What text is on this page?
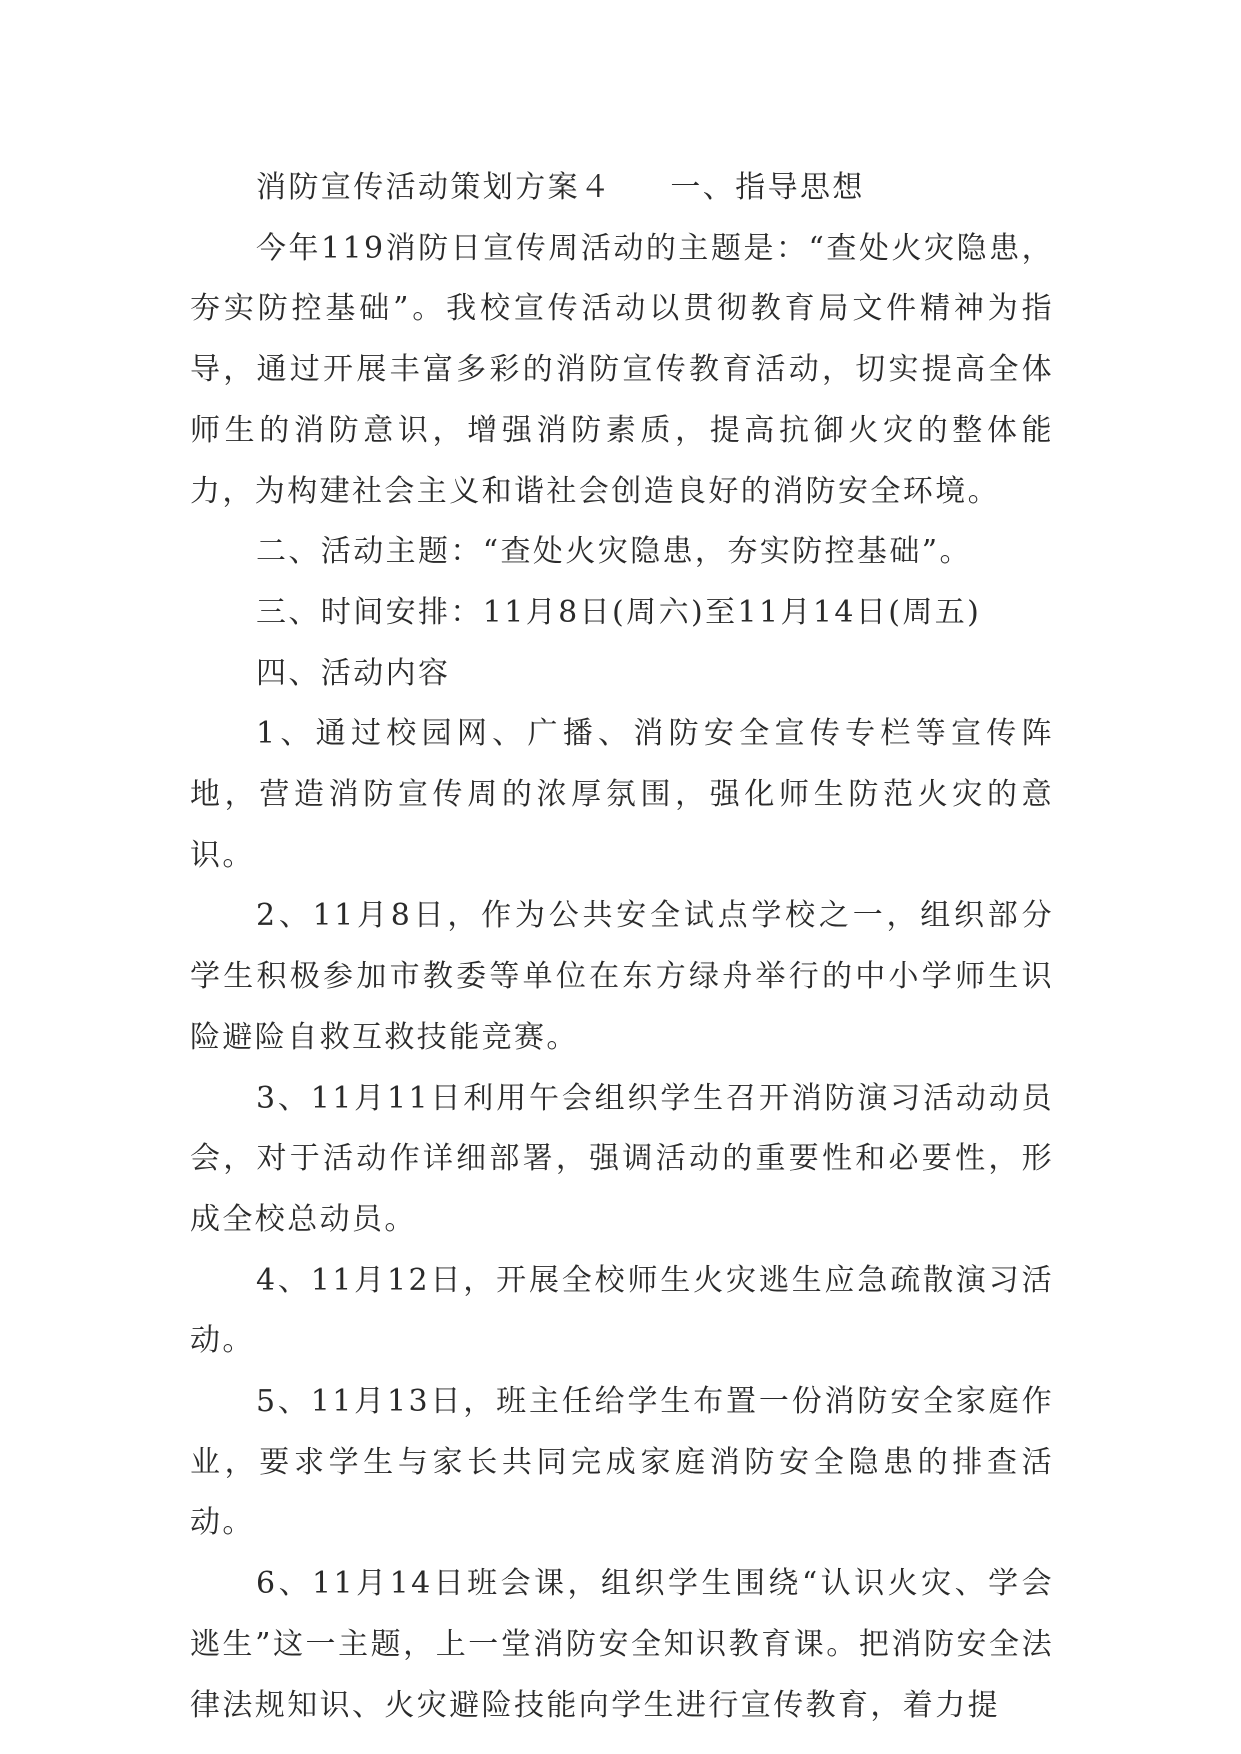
消防宣传活动策划方案４ 一、指导思想

今年119消防日宣传周活动的主题是：“查处火灾隐患，夯实防控基础”。我校宣传活动以贯彻教育局文件精神为指导，通过开展丰富多彩的消防宣传教育活动，切实提高全体师生的消防意识，增强消防素质，提高抗御火灾的整体能力，为构建社会主义和谐社会创造良好的消防安全环境。

二、活动主题：“查处火灾隐患，夯实防控基础”。

三、时间安排：11月8日(周六)至11月14日(周五)

四、活动内容

1、通过校园网、广播、消防安全宣传专栏等宣传阵地，营造消防宣传周的浓厚氛围，强化师生防范火灾的意识。

2、11月8日，作为公共安全试点学校之一，组织部分学生积极参加市教委等单位在东方绿舟举行的中小学师生识险避险自救互救技能竞赛。

3、11月11日利用午会组织学生召开消防演习活动动员会，对于活动作详细部署，强调活动的重要性和必要性，形成全校总动员。

4、11月12日，开展全校师生火灾逃生应急疏散演习活动。

5、11月13日，班主任给学生布置一份消防安全家庭作业，要求学生与家长共同完成家庭消防安全隐患的排查活动。

6、11月14日班会课，组织学生围绕“认识火灾、学会逃生”这一主题，上一堂消防安全知识教育课。把消防安全法律法规知识、火灾避险技能向学生进行宣传教育，着力提
